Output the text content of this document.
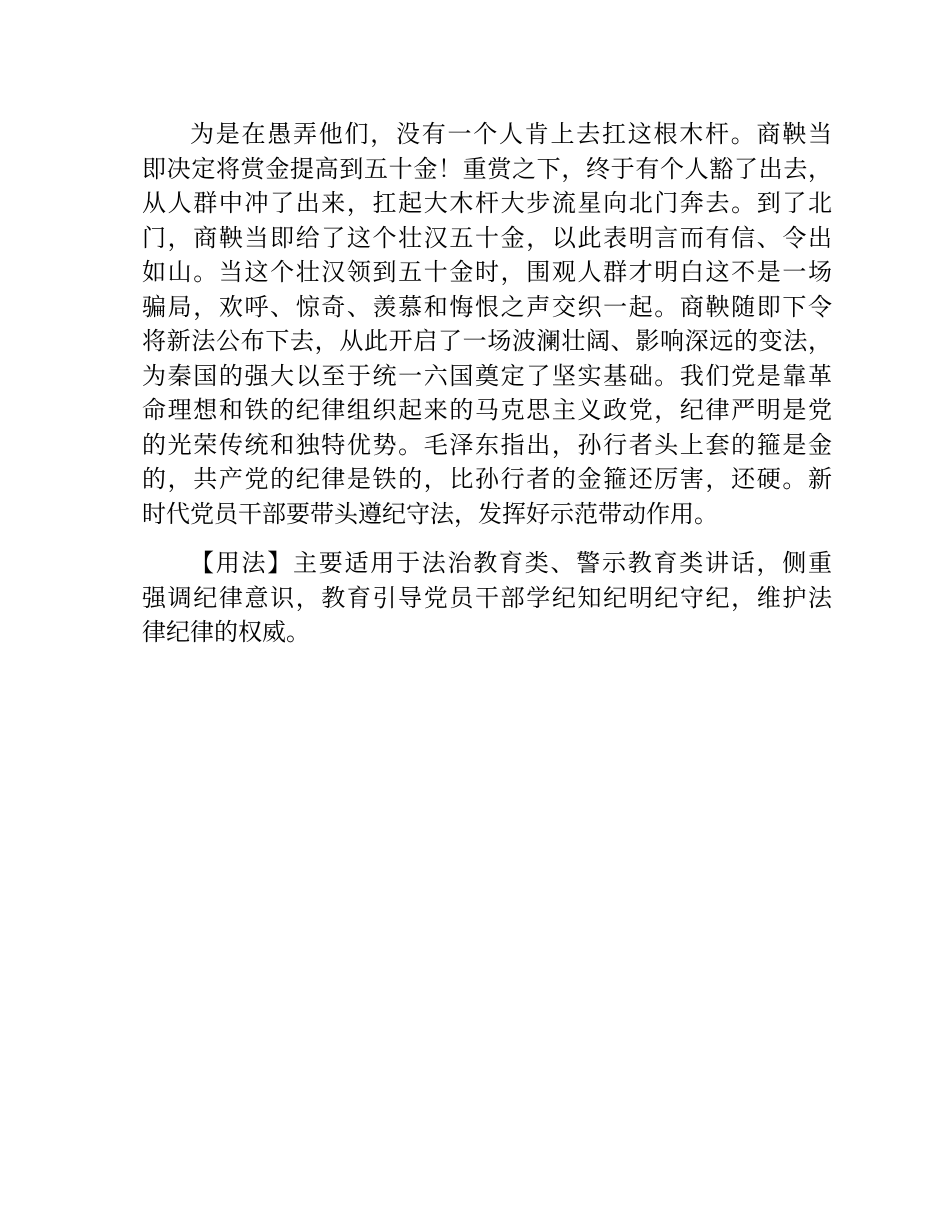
为是在愚弄他们，没有一个人肯上去扛这根木杆。商鞅当
即决定将赏金提高到五十金！重赏之下，终于有个人豁了出去，
从人群中冲了出来，扛起大木杆大步流星向北门奔去。到了北
门，商鞅当即给了这个壮汉五十金，以此表明言而有信、令出
如山。当这个壮汉领到五十金时，围观人群才明白这不是一场
骗局，欢呼、惊奇、羡慕和悔恨之声交织一起。商鞅随即下令
将新法公布下去，从此开启了一场波澜壮阔、影响深远的变法，
为秦国的强大以至于统一六国奠定了坚实基础。我们党是靠革
命理想和铁的纪律组织起来的马克思主义政党，纪律严明是党
的光荣传统和独特优势。毛泽东指出，孙行者头上套的箍是金
的，共产党的纪律是铁的，比孙行者的金箍还厉害，还硬。新
时代党员干部要带头遵纪守法，发挥好示范带动作用。
【用法】主要适用于法治教育类、警示教育类讲话，侧重
强调纪律意识，教育引导党员干部学纪知纪明纪守纪，维护法
律纪律的权威。
